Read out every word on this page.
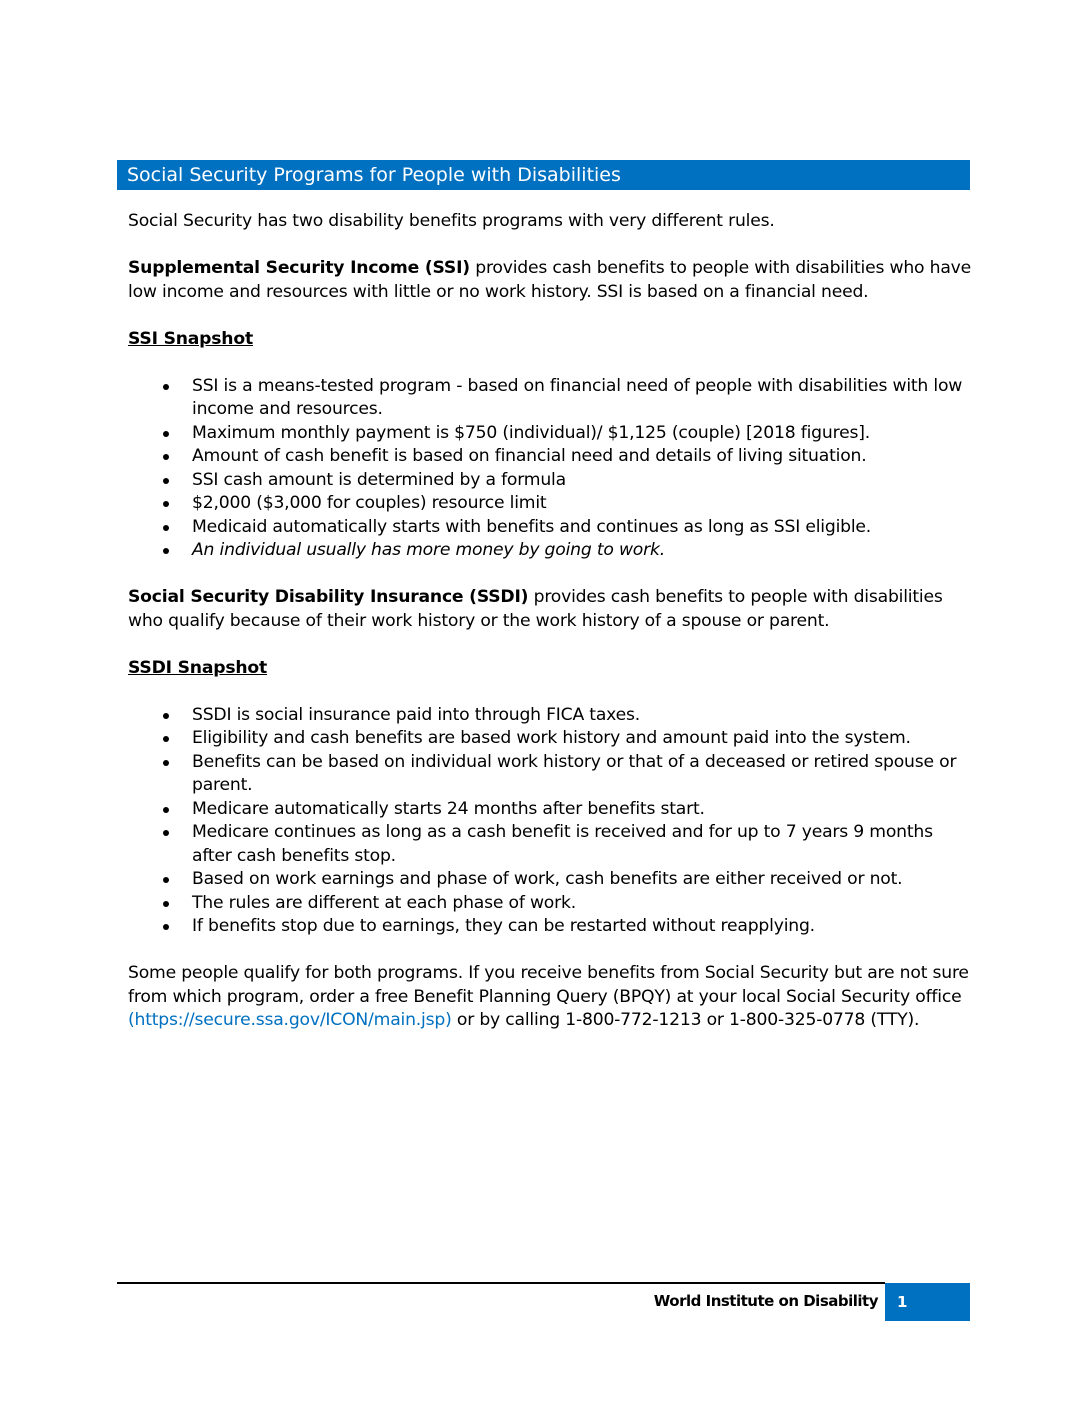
Social Security Programs for People with Disabilities

Social Security has two disability benefits programs with very different rules.

Supplemental Security Income (SSI) provides cash benefits to people with disabilities who have low income and resources with little or no work history. SSI is based on a financial need.

SSI Snapshot

SSI is a means-tested program - based on financial need of people with disabilities with low income and resources.
Maximum monthly payment is $750 (individual)/ $1,125 (couple) [2018 figures].
Amount of cash benefit is based on financial need and details of living situation.
SSI cash amount is determined by a formula
$2,000 ($3,000 for couples) resource limit
Medicaid automatically starts with benefits and continues as long as SSI eligible.
An individual usually has more money by going to work.

Social Security Disability Insurance (SSDI) provides cash benefits to people with disabilities who qualify because of their work history or the work history of a spouse or parent.

SSDI Snapshot

SSDI is social insurance paid into through FICA taxes.
Eligibility and cash benefits are based work history and amount paid into the system.
Benefits can be based on individual work history or that of a deceased or retired spouse or parent.
Medicare automatically starts 24 months after benefits start.
Medicare continues as long as a cash benefit is received and for up to 7 years 9 months after cash benefits stop.
Based on work earnings and phase of work, cash benefits are either received or not.
The rules are different at each phase of work.
If benefits stop due to earnings, they can be restarted without reapplying.

Some people qualify for both programs. If you receive benefits from Social Security but are not sure from which program, order a free Benefit Planning Query (BPQY) at your local Social Security office (https://secure.ssa.gov/ICON/main.jsp) or by calling 1-800-772-1213 or 1-800-325-0778 (TTY).

World Institute on Disability	1
